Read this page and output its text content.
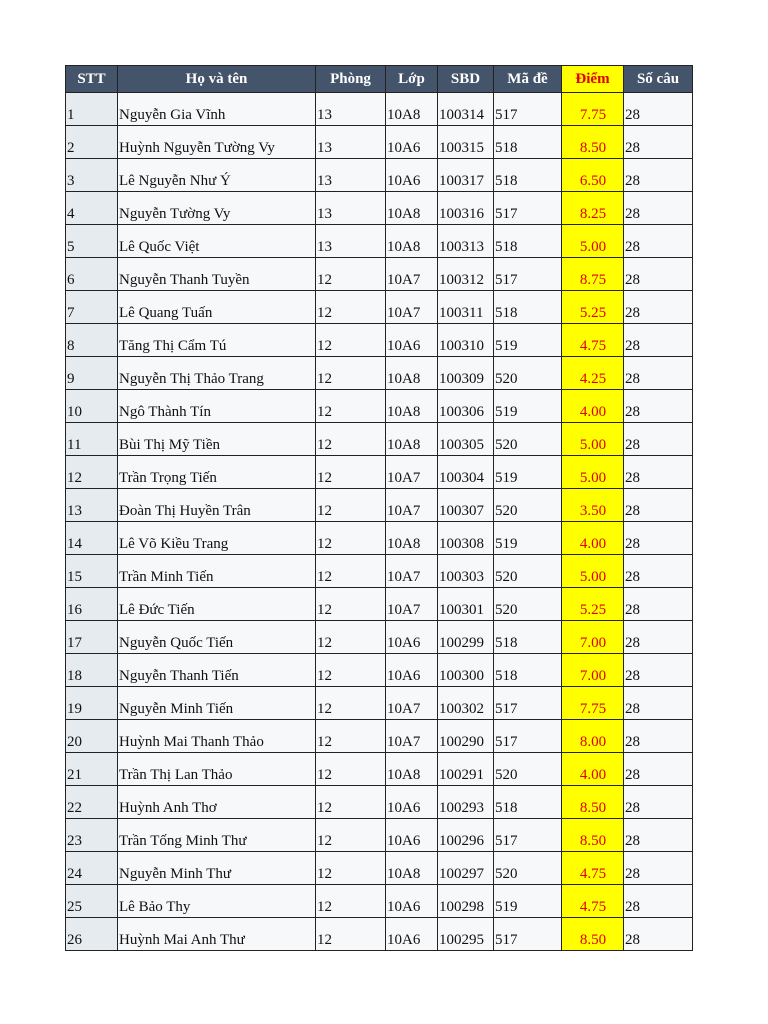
STT	Họ và tên	Phòng	Lớp	SBD	Mã đề	Điểm	Số câu
1	Nguyễn Gia Vĩnh	13	10A8	100314	517	7.75	28
2	Huỳnh Nguyễn Tường Vy	13	10A6	100315	518	8.50	28
3	Lê Nguyễn Như Ý	13	10A6	100317	518	6.50	28
4	Nguyễn Tường Vy	13	10A8	100316	517	8.25	28
5	Lê Quốc Việt	13	10A8	100313	518	5.00	28
6	Nguyễn Thanh Tuyền	12	10A7	100312	517	8.75	28
7	Lê Quang Tuấn	12	10A7	100311	518	5.25	28
8	Tăng Thị Cẩm Tú	12	10A6	100310	519	4.75	28
9	Nguyễn Thị Thảo Trang	12	10A8	100309	520	4.25	28
10	Ngô Thành Tín	12	10A8	100306	519	4.00	28
11	Bùi Thị Mỹ Tiền	12	10A8	100305	520	5.00	28
12	Trần Trọng Tiến	12	10A7	100304	519	5.00	28
13	Đoàn Thị Huyền Trân	12	10A7	100307	520	3.50	28
14	Lê Võ Kiều Trang	12	10A8	100308	519	4.00	28
15	Trần Minh Tiến	12	10A7	100303	520	5.00	28
16	Lê Đức Tiến	12	10A7	100301	520	5.25	28
17	Nguyễn Quốc Tiến	12	10A6	100299	518	7.00	28
18	Nguyễn Thanh Tiến	12	10A6	100300	518	7.00	28
19	Nguyễn Minh Tiến	12	10A7	100302	517	7.75	28
20	Huỳnh Mai Thanh Thảo	12	10A7	100290	517	8.00	28
21	Trần Thị Lan Thảo	12	10A8	100291	520	4.00	28
22	Huỳnh Anh Thơ	12	10A6	100293	518	8.50	28
23	Trần Tống Minh Thư	12	10A6	100296	517	8.50	28
24	Nguyễn Minh Thư	12	10A8	100297	520	4.75	28
25	Lê Bảo Thy	12	10A6	100298	519	4.75	28
26	Huỳnh Mai Anh Thư	12	10A6	100295	517	8.50	28
